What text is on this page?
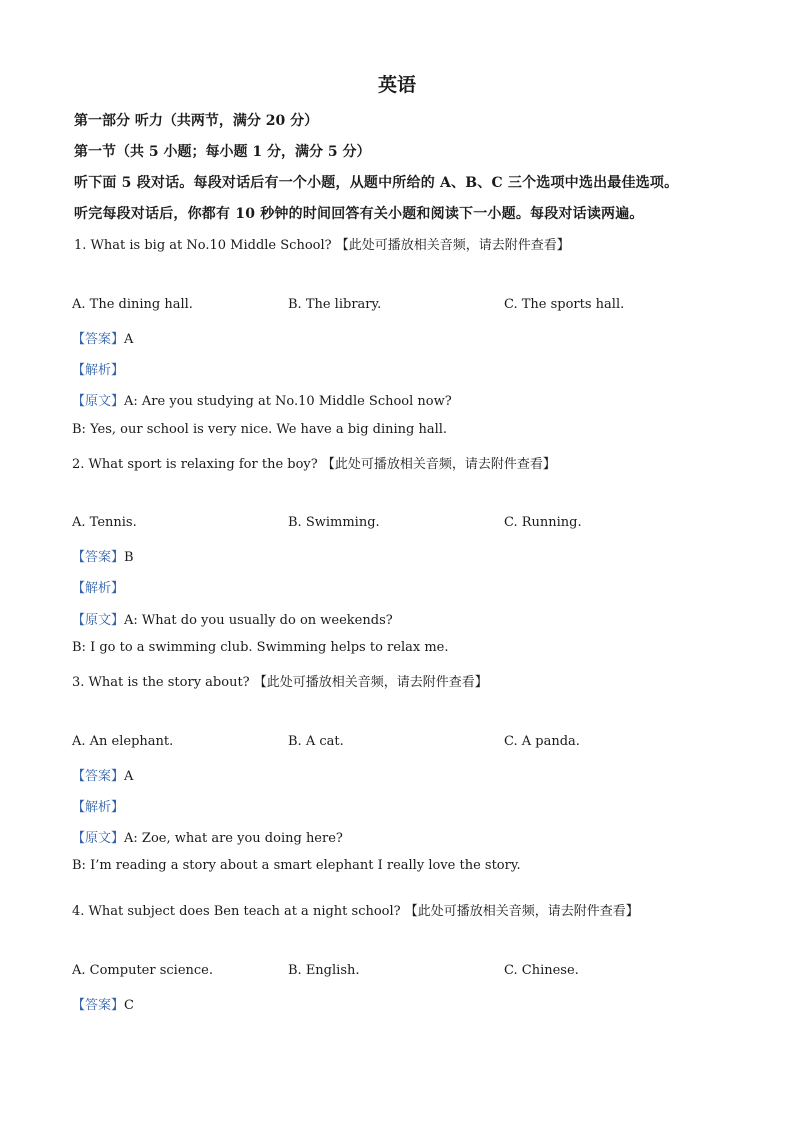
英语
第一部分 听力（共两节，满分 20 分）
第一节（共 5 小题；每小题 1 分，满分 5 分）
听下面 5 段对话。每段对话后有一个小题，从题中所给的 A、B、C 三个选项中选出最佳选项。
听完每段对话后，你都有 10 秒钟的时间回答有关小题和阅读下一小题。每段对话读两遍。
1. What is big at No.10 Middle School? 【此处可播放相关音频，请去附件查看】
A. The dining hall.	B. The library.	C. The sports hall.
【答案】A
【解析】
【原文】A: Are you studying at No.10 Middle School now?
B: Yes, our school is very nice. We have a big dining hall.
2. What sport is relaxing for the boy? 【此处可播放相关音频，请去附件查看】
A. Tennis.	B. Swimming.	C. Running.
【答案】B
【解析】
【原文】A: What do you usually do on weekends?
B: I go to a swimming club. Swimming helps to relax me.
3. What is the story about? 【此处可播放相关音频，请去附件查看】
A. An elephant.	B. A cat.	C. A panda.
【答案】A
【解析】
【原文】A: Zoe, what are you doing here?
B: I’m reading a story about a smart elephant I really love the story.
4. What subject does Ben teach at a night school? 【此处可播放相关音频，请去附件查看】
A. Computer science.	B. English.	C. Chinese.
【答案】C
